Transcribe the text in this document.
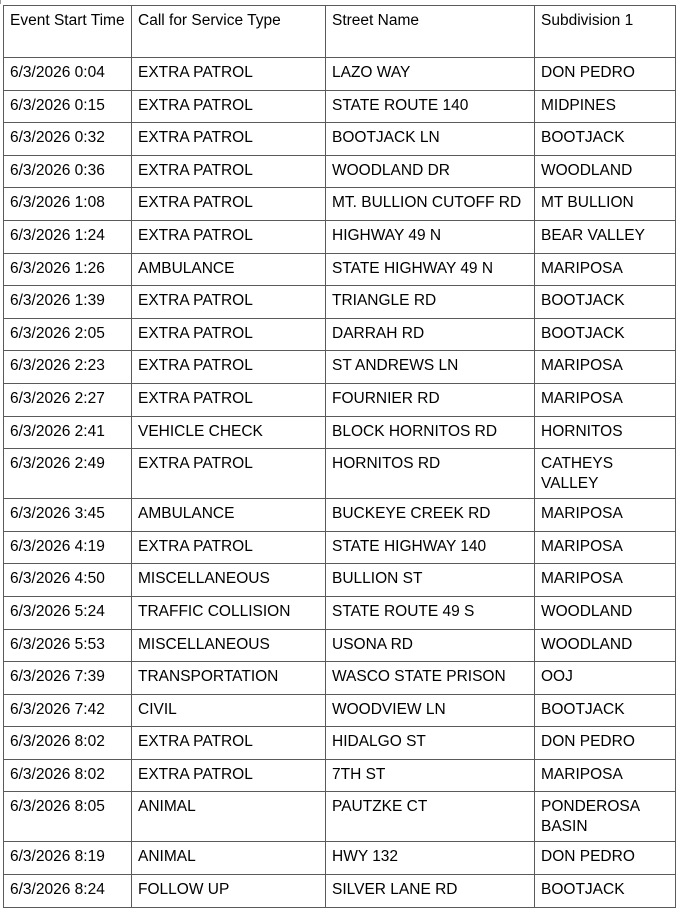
Event Start Time	Call for Service Type	Street Name	Subdivision 1
6/3/2026 0:04	EXTRA PATROL	LAZO WAY	DON PEDRO
6/3/2026 0:15	EXTRA PATROL	STATE ROUTE 140	MIDPINES
6/3/2026 0:32	EXTRA PATROL	BOOTJACK LN	BOOTJACK
6/3/2026 0:36	EXTRA PATROL	WOODLAND DR	WOODLAND
6/3/2026 1:08	EXTRA PATROL	MT. BULLION CUTOFF RD	MT BULLION
6/3/2026 1:24	EXTRA PATROL	HIGHWAY 49 N	BEAR VALLEY
6/3/2026 1:26	AMBULANCE	STATE HIGHWAY 49 N	MARIPOSA
6/3/2026 1:39	EXTRA PATROL	TRIANGLE RD	BOOTJACK
6/3/2026 2:05	EXTRA PATROL	DARRAH RD	BOOTJACK
6/3/2026 2:23	EXTRA PATROL	ST ANDREWS LN	MARIPOSA
6/3/2026 2:27	EXTRA PATROL	FOURNIER RD	MARIPOSA
6/3/2026 2:41	VEHICLE CHECK	BLOCK HORNITOS RD	HORNITOS
6/3/2026 2:49	EXTRA PATROL	HORNITOS RD	CATHEYS VALLEY
6/3/2026 3:45	AMBULANCE	BUCKEYE CREEK RD	MARIPOSA
6/3/2026 4:19	EXTRA PATROL	STATE HIGHWAY 140	MARIPOSA
6/3/2026 4:50	MISCELLANEOUS	BULLION ST	MARIPOSA
6/3/2026 5:24	TRAFFIC COLLISION	STATE ROUTE 49 S	WOODLAND
6/3/2026 5:53	MISCELLANEOUS	USONA RD	WOODLAND
6/3/2026 7:39	TRANSPORTATION	WASCO STATE PRISON	OOJ
6/3/2026 7:42	CIVIL	WOODVIEW LN	BOOTJACK
6/3/2026 8:02	EXTRA PATROL	HIDALGO ST	DON PEDRO
6/3/2026 8:02	EXTRA PATROL	7TH ST	MARIPOSA
6/3/2026 8:05	ANIMAL	PAUTZKE CT	PONDEROSA BASIN
6/3/2026 8:19	ANIMAL	HWY 132	DON PEDRO
6/3/2026 8:24	FOLLOW UP	SILVER LANE RD	BOOTJACK
